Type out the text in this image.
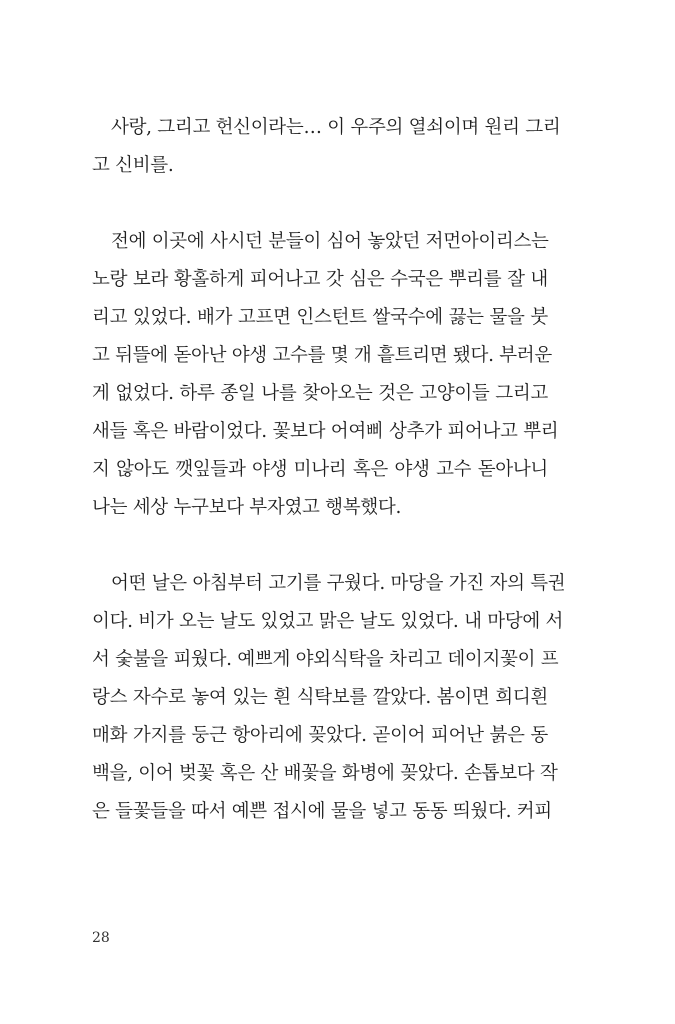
사랑, 그리고 헌신이라는… 이 우주의 열쇠이며 원리 그리
고 신비를.
전에 이곳에 사시던 분들이 심어 놓았던 저먼아이리스는
노랑 보라 황홀하게 피어나고 갓 심은 수국은 뿌리를 잘 내
리고 있었다. 배가 고프면 인스턴트 쌀국수에 끓는 물을 붓
고 뒤뜰에 돋아난 야생 고수를 몇 개 흩트리면 됐다. 부러운
게 없었다. 하루 종일 나를 찾아오는 것은 고양이들 그리고
새들 혹은 바람이었다. 꽃보다 어여삐 상추가 피어나고 뿌리
지 않아도 깻잎들과 야생 미나리 혹은 야생 고수 돋아나니
나는 세상 누구보다 부자였고 행복했다.
어떤 날은 아침부터 고기를 구웠다. 마당을 가진 자의 특권
이다. 비가 오는 날도 있었고 맑은 날도 있었다. 내 마당에 서
서 숯불을 피웠다. 예쁘게 야외식탁을 차리고 데이지꽃이 프
랑스 자수로 놓여 있는 흰 식탁보를 깔았다. 봄이면 희디흰
매화 가지를 둥근 항아리에 꽂았다. 곧이어 피어난 붉은 동
백을, 이어 벚꽃 혹은 산 배꽃을 화병에 꽂았다. 손톱보다 작
은 들꽃들을 따서 예쁜 접시에 물을 넣고 동동 띄웠다. 커피
28
